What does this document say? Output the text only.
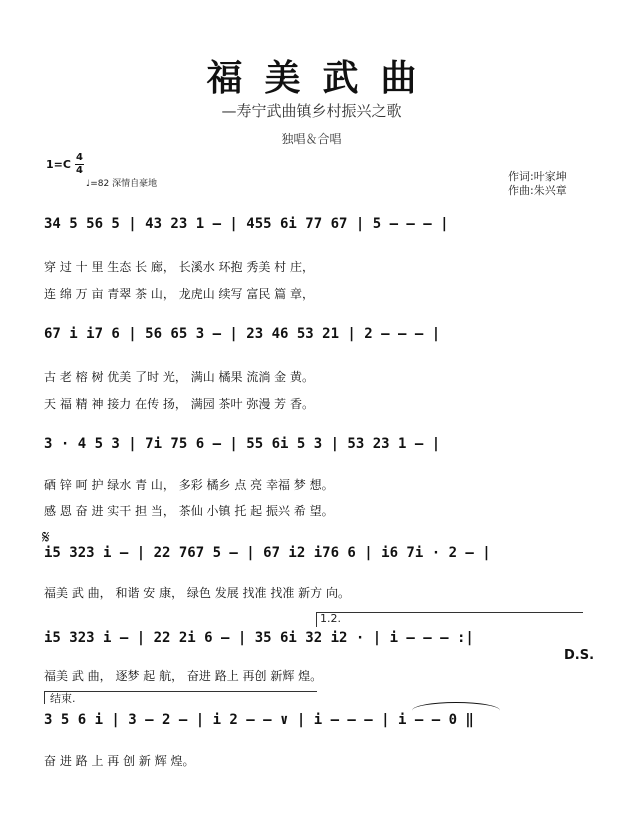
福美武曲
—寿宁武曲镇乡村振兴之歌
独唱＆合唱
1=C
4
4
♩=82 深情自豪地
作词:叶家坤
作曲:朱兴章
34 5 56 5 | 43 23 1 – | 455 6i 77 67 | 5 – – – |
穿 过 十 里 生态 长 廊， 长溪水 环抱 秀美 村 庄，
连 绵 万 亩 青翠 茶 山， 龙虎山 续写 富民 篇 章，
67 i i7 6 | 56 65 3 – | 23 46 53 21 | 2 – – – |
古 老 榕 树 优美 了时 光， 满山 橘果 流淌 金 黄。
天 福 精 神 接力 在传 扬， 满园 茶叶 弥漫 芳 香。
3 · 4 5 3 | 7i 75 6 – | 55 6i 5 3 | 53 23 1 – |
硒 锌 呵 护 绿水 青 山， 多彩 橘乡 点 亮 幸福 梦 想。
感 恩 奋 进 实干 担 当， 茶仙 小镇 托 起 振兴 希 望。
𝄋
i5 323 i – | 22 767 5 – | 67 i2 i76 6 | i6 7i · 2 – |
福美 武 曲， 和谐 安 康， 绿色 发展 找准 找准 新方 向。
1.2.
i5 323 i – | 22 2i 6 – | 35 6i 32 i2 · | i – – – :|
D.S.
福美 武 曲， 逐梦 起 航， 奋进 路上 再创 新辉 煌。
结束.
3 5 6 i | 3 – 2 – | i 2 – – ∨ | i – – – | i – – 0 ‖
奋 进 路 上 再 创 新 辉 煌。
